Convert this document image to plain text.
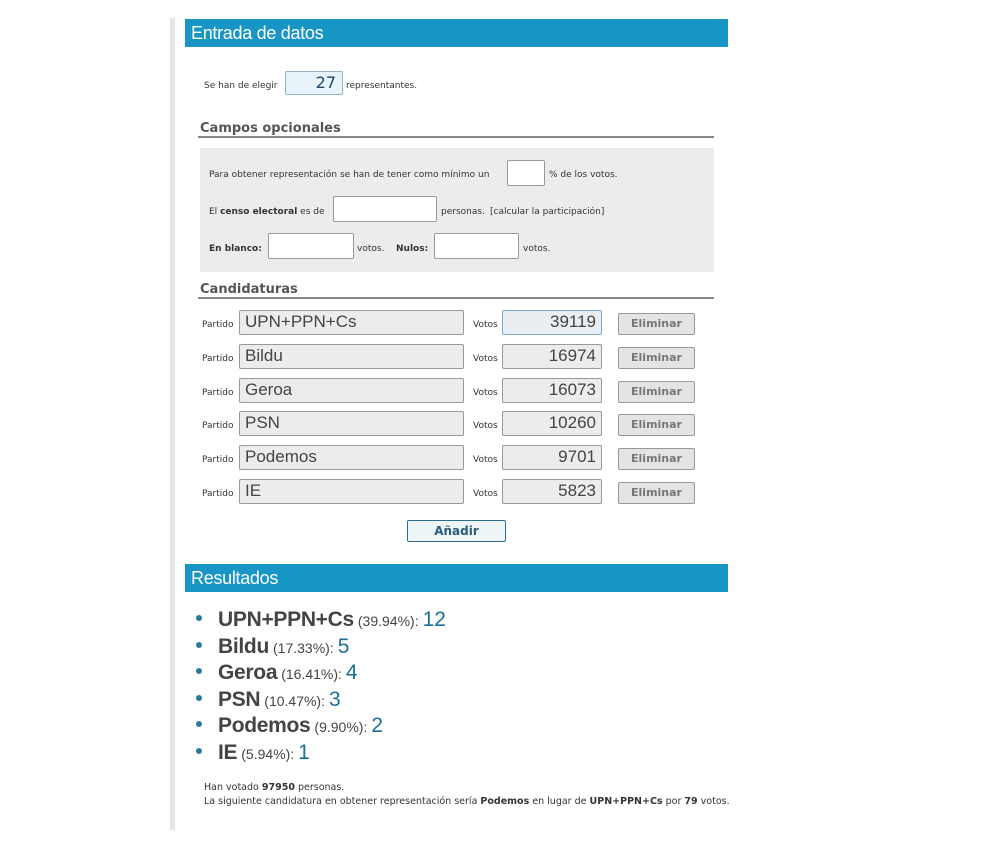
Entrada de datos
Se han de elegir	27	representantes.
Campos opcionales
Para obtener representación se han de tener como mínimo un	% de los votos.
El censo electoral es de	personas. [calcular la participación]
En blanco:	votos. Nulos:	votos.
Candidaturas
Partido UPN+PPN+Cs	Votos	39119	Eliminar
Partido Bildu	Votos	16974	Eliminar
Partido Geroa	Votos	16073	Eliminar
Partido PSN	Votos	10260	Eliminar
Partido Podemos	Votos	9701	Eliminar
Partido IE	Votos	5823	Eliminar
Añadir
Resultados
UPN+PPN+Cs (39.94%): 12
Bildu (17.33%): 5
Geroa (16.41%): 4
PSN (10.47%): 3
Podemos (9.90%): 2
IE (5.94%): 1
Han votado 97950 personas.
La siguiente candidatura en obtener representación sería Podemos en lugar de UPN+PPN+Cs por 79 votos.
